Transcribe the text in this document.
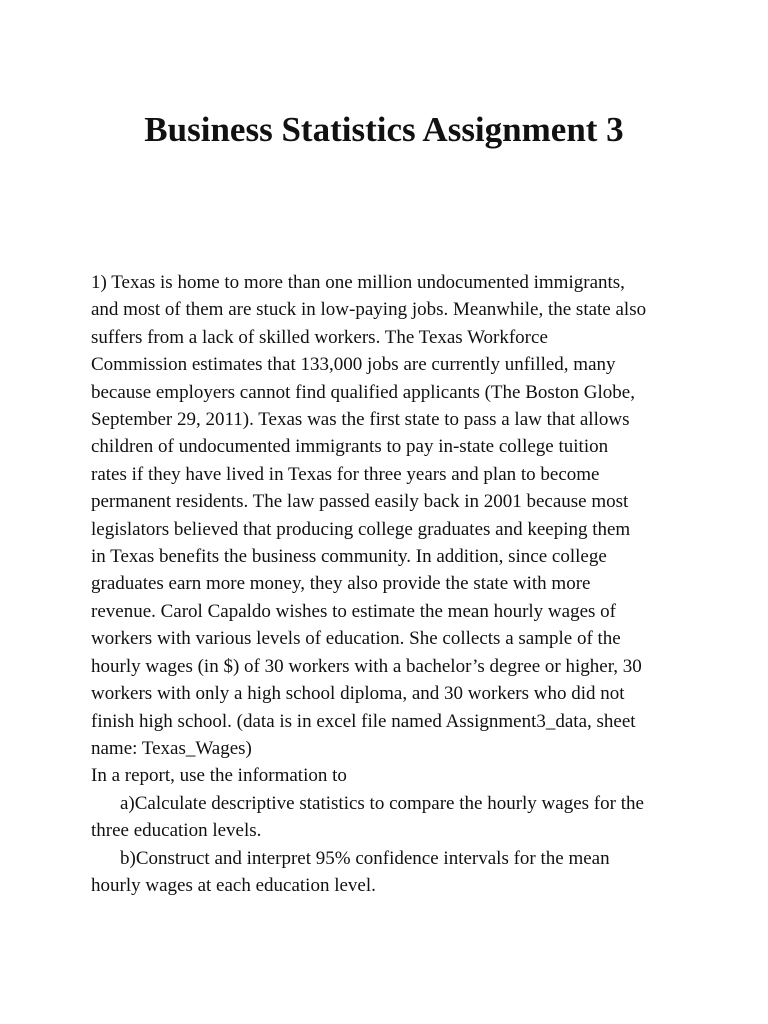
Business Statistics Assignment 3
1) Texas is home to more than one million undocumented immigrants,
and most of them are stuck in low-paying jobs. Meanwhile, the state also
suffers from a lack of skilled workers. The Texas Workforce
Commission estimates that 133,000 jobs are currently unfilled, many
because employers cannot find qualified applicants (The Boston Globe,
September 29, 2011). Texas was the first state to pass a law that allows
children of undocumented immigrants to pay in-state college tuition
rates if they have lived in Texas for three years and plan to become
permanent residents. The law passed easily back in 2001 because most
legislators believed that producing college graduates and keeping them
in Texas benefits the business community. In addition, since college
graduates earn more money, they also provide the state with more
revenue. Carol Capaldo wishes to estimate the mean hourly wages of
workers with various levels of education. She collects a sample of the
hourly wages (in $) of 30 workers with a bachelor’s degree or higher, 30
workers with only a high school diploma, and 30 workers who did not
finish high school. (data is in excel file named Assignment3_data, sheet
name: Texas_Wages)
In a report, use the information to
a)Calculate descriptive statistics to compare the hourly wages for the
three education levels.
b)Construct and interpret 95% confidence intervals for the mean
hourly wages at each education level.
